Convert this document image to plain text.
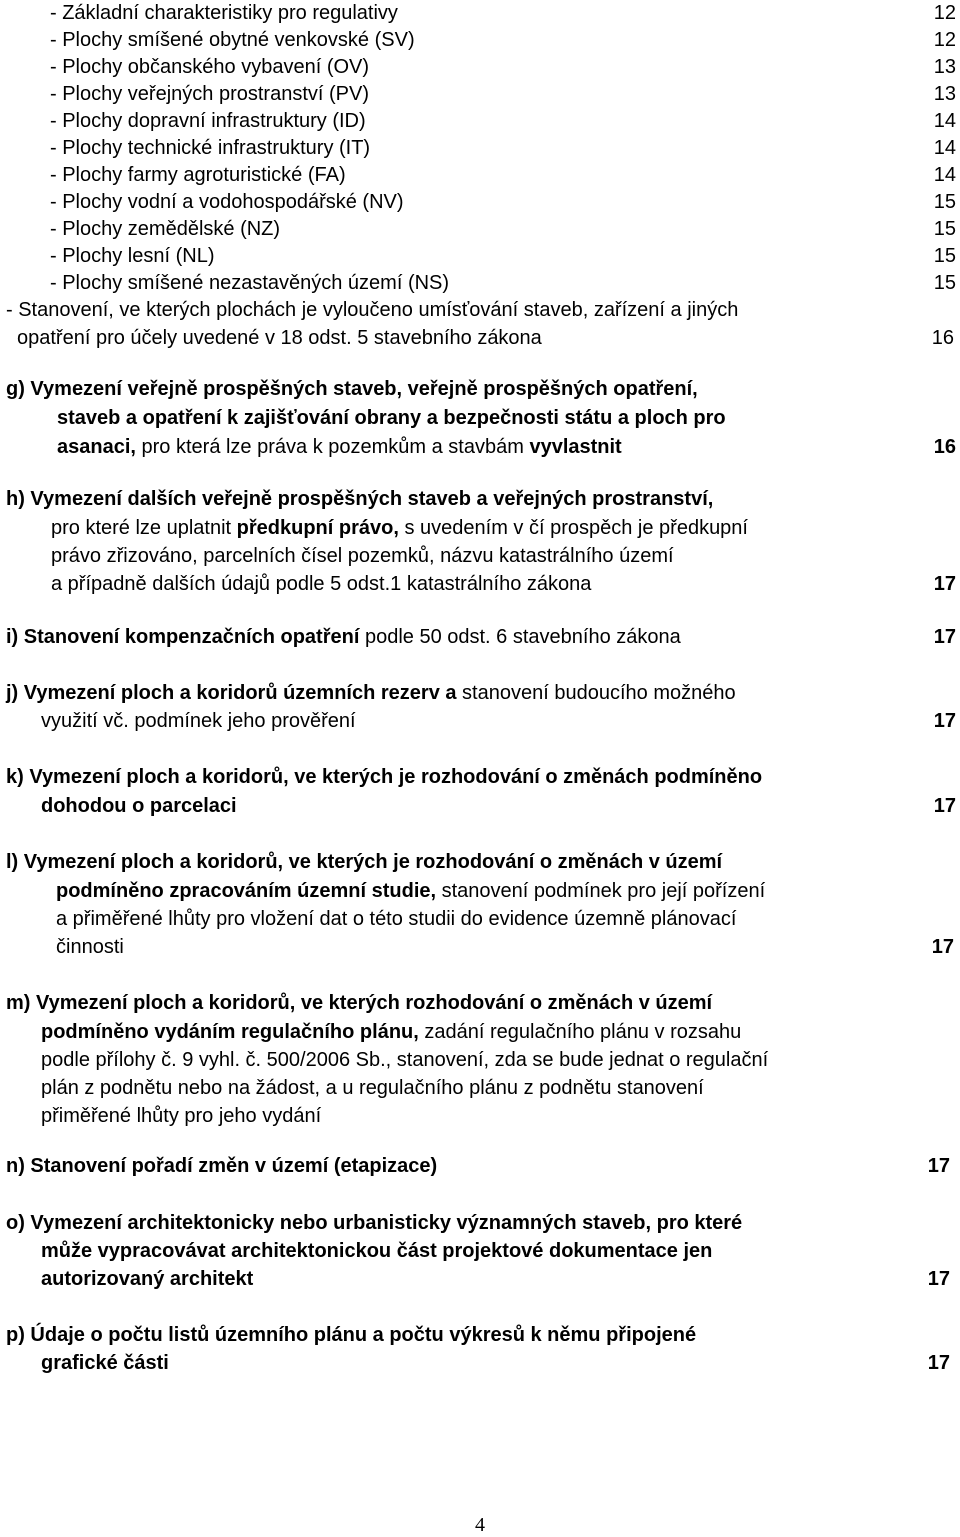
- Základní charakteristiky pro regulativy	12
- Plochy smíšené obytné venkovské (SV)	12
- Plochy občanského vybavení (OV)	13
- Plochy veřejných prostranství (PV)	13
- Plochy dopravní infrastruktury (ID)	14
- Plochy technické infrastruktury (IT)	14
- Plochy farmy agroturistické (FA)	14
- Plochy vodní a vodohospodářské (NV)	15
- Plochy zemědělské (NZ)	15
- Plochy lesní (NL)	15
- Plochy smíšené nezastavěných území (NS)	15
- Stanovení, ve kterých plochách je vyloučeno umísťování staveb, zařízení a jiných
opatření pro účely uvedené v 18 odst. 5 stavebního zákona	16
g) Vymezení veřejně prospěšných staveb, veřejně prospěšných opatření,
staveb a opatření k zajišťování obrany a bezpečnosti státu a ploch pro
asanaci, pro která lze práva k pozemkům a stavbám vyvlastnit	16
h) Vymezení dalších veřejně prospěšných staveb a veřejných prostranství,
pro které lze uplatnit předkupní právo, s uvedením v čí prospěch je předkupní
právo zřizováno, parcelních čísel pozemků, názvu katastrálního území
a případně dalších údajů podle 5 odst.1 katastrálního zákona	17
i) Stanovení kompenzačních opatření podle 50 odst. 6 stavebního zákona	17
j) Vymezení ploch a koridorů územních rezerv a stanovení budoucího možného
využití vč. podmínek jeho prověření	17
k) Vymezení ploch a koridorů, ve kterých je rozhodování o změnách podmíněno
dohodou o parcelaci	17
l) Vymezení ploch a koridorů, ve kterých je rozhodování o změnách v území
podmíněno zpracováním územní studie, stanovení podmínek pro její pořízení
a přiměřené lhůty pro vložení dat o této studii do evidence územně plánovací
činnosti	17
m) Vymezení ploch a koridorů, ve kterých rozhodování o změnách v území
podmíněno vydáním regulačního plánu, zadání regulačního plánu v rozsahu
podle přílohy č. 9 vyhl. č. 500/2006 Sb., stanovení, zda se bude jednat o regulační
plán z podnětu nebo na žádost, a u regulačního plánu z podnětu stanovení
přiměřené lhůty pro jeho vydání
n) Stanovení pořadí změn v území (etapizace)	17
o) Vymezení architektonicky nebo urbanisticky významných staveb, pro které
může vypracovávat architektonickou část projektové dokumentace jen
autorizovaný architekt	17
p) Údaje o počtu listů územního plánu a počtu výkresů k němu připojené
grafické části	17
4
